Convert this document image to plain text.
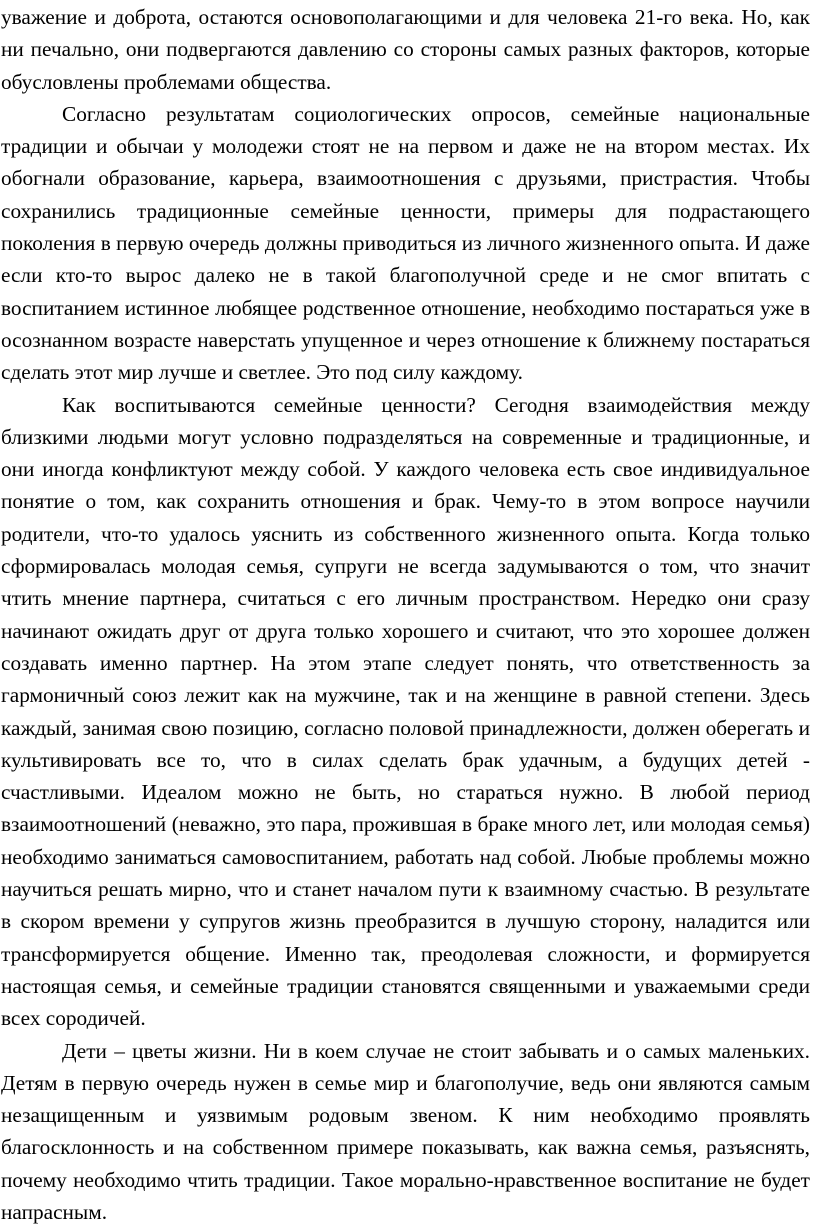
уважение и доброта, остаются основополагающими и для человека 21-го века. Но, как ни печально, они подвергаются давлению со стороны самых разных факторов, которые обусловлены проблемами общества.

Согласно результатам социологических опросов, семейные национальные традиции и обычаи у молодежи стоят не на первом и даже не на втором местах. Их обогнали образование, карьера, взаимоотношения с друзьями, пристрастия. Чтобы сохранились традиционные семейные ценности, примеры для подрастающего поколения в первую очередь должны приводиться из личного жизненного опыта. И даже если кто-то вырос далеко не в такой благополучной среде и не смог впитать с воспитанием истинное любящее родственное отношение, необходимо постараться уже в осознанном возрасте наверстать упущенное и через отношение к ближнему постараться сделать этот мир лучше и светлее. Это под силу каждому.

Как воспитываются семейные ценности? Сегодня взаимодействия между близкими людьми могут условно подразделяться на современные и традиционные, и они иногда конфликтуют между собой. У каждого человека есть свое индивидуальное понятие о том, как сохранить отношения и брак. Чему-то в этом вопросе научили родители, что-то удалось уяснить из собственного жизненного опыта. Когда только сформировалась молодая семья, супруги не всегда задумываются о том, что значит чтить мнение партнера, считаться с его личным пространством. Нередко они сразу начинают ожидать друг от друга только хорошего и считают, что это хорошее должен создавать именно партнер. На этом этапе следует понять, что ответственность за гармоничный союз лежит как на мужчине, так и на женщине в равной степени. Здесь каждый, занимая свою позицию, согласно половой принадлежности, должен оберегать и культивировать все то, что в силах сделать брак удачным, а будущих детей - счастливыми. Идеалом можно не быть, но стараться нужно. В любой период взаимоотношений (неважно, это пара, прожившая в браке много лет, или молодая семья) необходимо заниматься самовоспитанием, работать над собой. Любые проблемы можно научиться решать мирно, что и станет началом пути к взаимному счастью. В результате в скором времени у супругов жизнь преобразится в лучшую сторону, наладится или трансформируется общение. Именно так, преодолевая сложности, и формируется настоящая семья, и семейные традиции становятся священными и уважаемыми среди всех сородичей.

Дети – цветы жизни. Ни в коем случае не стоит забывать и о самых маленьких. Детям в первую очередь нужен в семье мир и благополучие, ведь они являются самым незащищенным и уязвимым родовым звеном. К ним необходимо проявлять благосклонность и на собственном примере показывать, как важна семья, разъяснять, почему необходимо чтить традиции. Такое морально-нравственное воспитание не будет напрасным.
